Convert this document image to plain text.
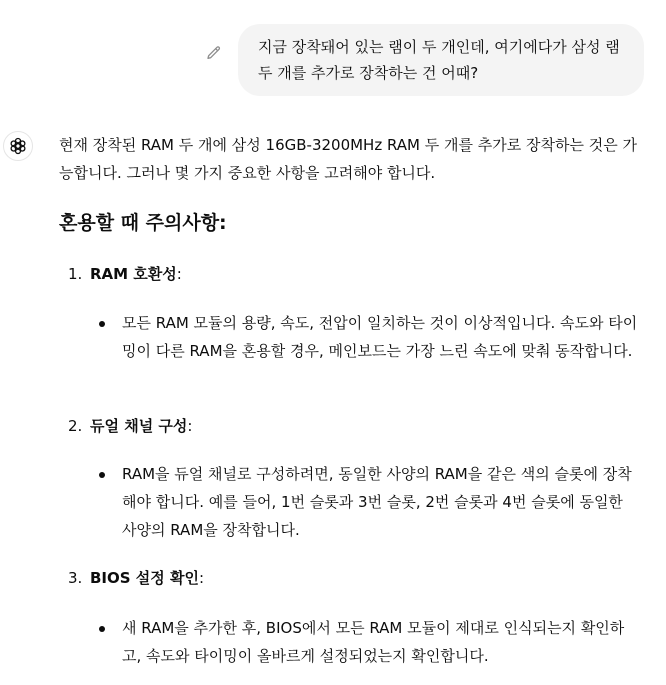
지금 장착돼어 있는 램이 두 개인데, 여기에다가 삼성 램 두 개를 추가로 장착하는 건 어때?

현재 장착된 RAM 두 개에 삼성 16GB-3200MHz RAM 두 개를 추가로 장착하는 것은 가능합니다. 그러나 몇 가지 중요한 사항을 고려해야 합니다.

혼용할 때 주의사항:
1. RAM 호환성:
모든 RAM 모듈의 용량, 속도, 전압이 일치하는 것이 이상적입니다. 속도와 타이밍이 다른 RAM을 혼용할 경우, 메인보드는 가장 느린 속도에 맞춰 동작합니다.
2. 듀얼 채널 구성:
RAM을 듀얼 채널로 구성하려면, 동일한 사양의 RAM을 같은 색의 슬롯에 장착해야 합니다. 예를 들어, 1번 슬롯과 3번 슬롯, 2번 슬롯과 4번 슬롯에 동일한 사양의 RAM을 장착합니다.
3. BIOS 설정 확인:
새 RAM을 추가한 후, BIOS에서 모든 RAM 모듈이 제대로 인식되는지 확인하고, 속도와 타이밍이 올바르게 설정되었는지 확인합니다.
